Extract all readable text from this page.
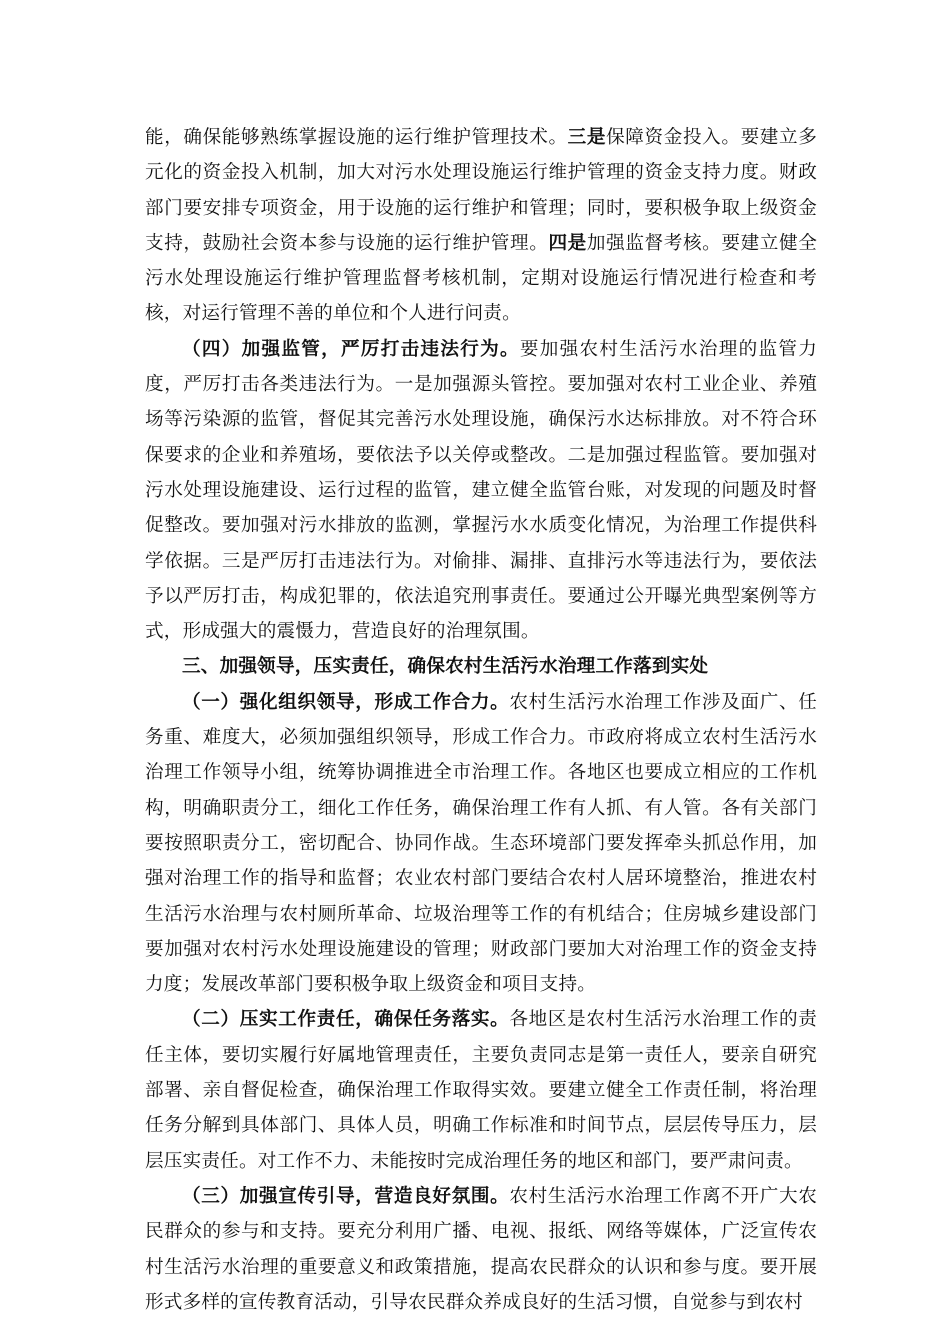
能，确保能够熟练掌握设施的运行维护管理技术。三是保障资金投入。要建立多元化的资金投入机制，加大对污水处理设施运行维护管理的资金支持力度。财政部门要安排专项资金，用于设施的运行维护和管理；同时，要积极争取上级资金支持，鼓励社会资本参与设施的运行维护管理。四是加强监督考核。要建立健全污水处理设施运行维护管理监督考核机制，定期对设施运行情况进行检查和考核，对运行管理不善的单位和个人进行问责。

（四）加强监管，严厉打击违法行为。要加强农村生活污水治理的监管力度，严厉打击各类违法行为。一是加强源头管控。要加强对农村工业企业、养殖场等污染源的监管，督促其完善污水处理设施，确保污水达标排放。对不符合环保要求的企业和养殖场，要依法予以关停或整改。二是加强过程监管。要加强对污水处理设施建设、运行过程的监管，建立健全监管台账，对发现的问题及时督促整改。要加强对污水排放的监测，掌握污水水质变化情况，为治理工作提供科学依据。三是严厉打击违法行为。对偷排、漏排、直排污水等违法行为，要依法予以严厉打击，构成犯罪的，依法追究刑事责任。要通过公开曝光典型案例等方式，形成强大的震慑力，营造良好的治理氛围。

三、加强领导，压实责任，确保农村生活污水治理工作落到实处

（一）强化组织领导，形成工作合力。农村生活污水治理工作涉及面广、任务重、难度大，必须加强组织领导，形成工作合力。市政府将成立农村生活污水治理工作领导小组，统筹协调推进全市治理工作。各地区也要成立相应的工作机构，明确职责分工，细化工作任务，确保治理工作有人抓、有人管。各有关部门要按照职责分工，密切配合、协同作战。生态环境部门要发挥牵头抓总作用，加强对治理工作的指导和监督；农业农村部门要结合农村人居环境整治，推进农村生活污水治理与农村厕所革命、垃圾治理等工作的有机结合；住房城乡建设部门要加强对农村污水处理设施建设的管理；财政部门要加大对治理工作的资金支持力度；发展改革部门要积极争取上级资金和项目支持。

（二）压实工作责任，确保任务落实。各地区是农村生活污水治理工作的责任主体，要切实履行好属地管理责任，主要负责同志是第一责任人，要亲自研究部署、亲自督促检查，确保治理工作取得实效。要建立健全工作责任制，将治理任务分解到具体部门、具体人员，明确工作标准和时间节点，层层传导压力，层层压实责任。对工作不力、未能按时完成治理任务的地区和部门，要严肃问责。

（三）加强宣传引导，营造良好氛围。农村生活污水治理工作离不开广大农民群众的参与和支持。要充分利用广播、电视、报纸、网络等媒体，广泛宣传农村生活污水治理的重要意义和政策措施，提高农民群众的认识和参与度。要开展形式多样的宣传教育活动，引导农民群众养成良好的生活习惯，自觉参与到农村
